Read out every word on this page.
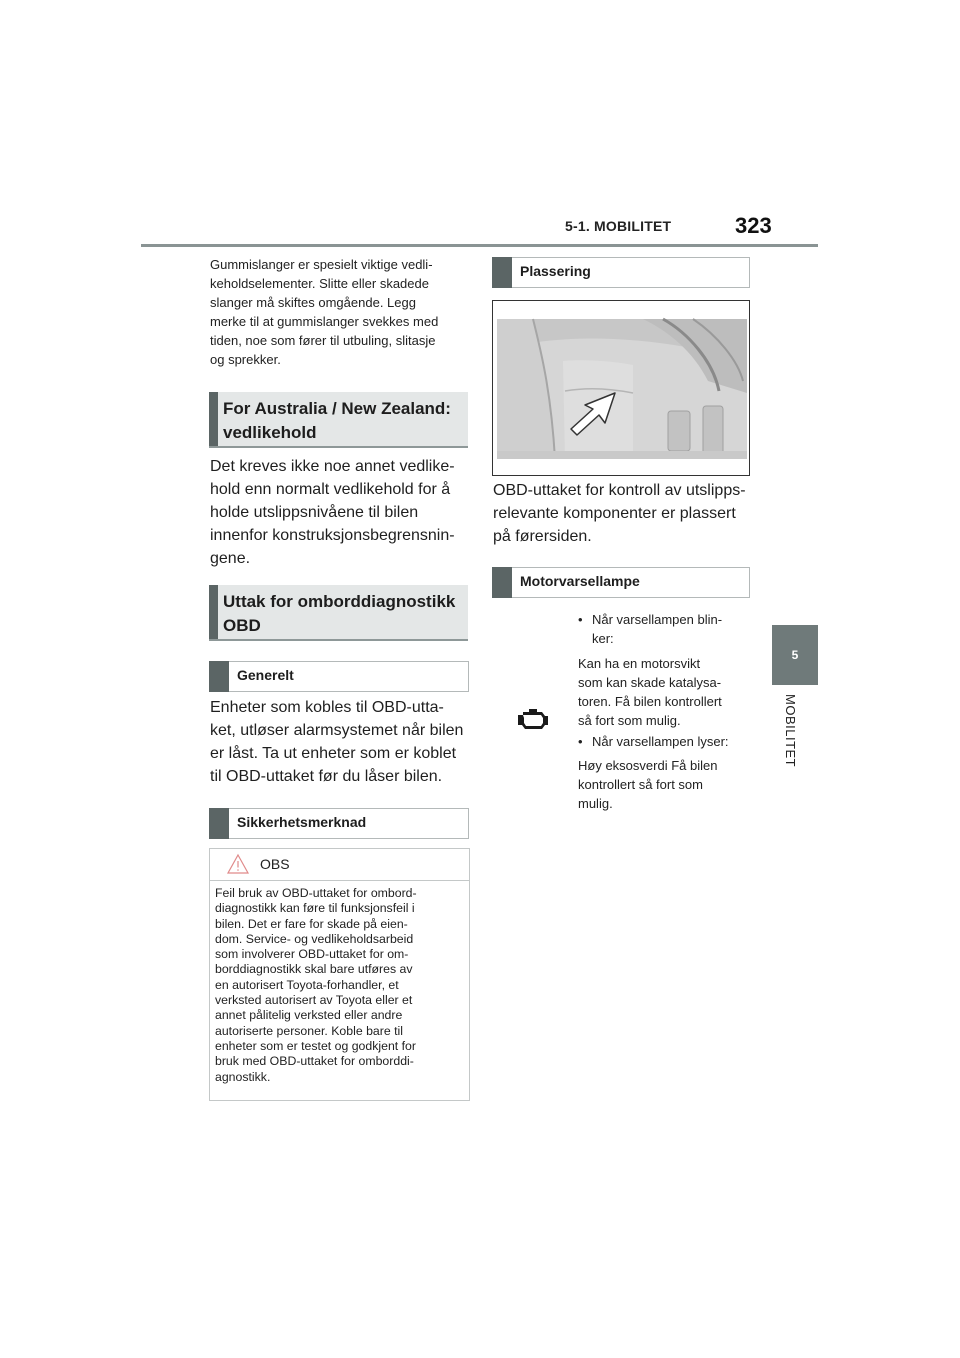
5-1. MOBILITET	323
5
MOBILITET
Gummislanger er spesielt viktige vedli-
keholdselementer. Slitte eller skadede
slanger må skiftes omgående. Legg
merke til at gummislanger svekkes med
tiden, noe som fører til utbuling, slitasje
og sprekker.
For Australia / New Zealand:
vedlikehold
Det kreves ikke noe annet vedlike-
hold enn normalt vedlikehold for å
holde utslippsnivåene til bilen
innenfor konstruksjonsbegrensnin-
gene.
Uttak for omborddiagnostikk
OBD
Generelt
Enheter som kobles til OBD-utta-
ket, utløser alarmsystemet når bilen
er låst. Ta ut enheter som er koblet
til OBD-uttaket før du låser bilen.
Sikkerhetsmerknad
OBS
Feil bruk av OBD-uttaket for ombord-
diagnostikk kan føre til funksjonsfeil i
bilen. Det er fare for skade på eien-
dom. Service- og vedlikeholdsarbeid
som involverer OBD-uttaket for om-
borddiagnostikk skal bare utføres av
en autorisert Toyota-forhandler, et
verksted autorisert av Toyota eller et
annet pålitelig verksted eller andre
autoriserte personer. Koble bare til
enheter som er testet og godkjent for
bruk med OBD-uttaket for omborddi-
agnostikk.
Plassering
OBD-uttaket for kontroll av utslipps-
relevante komponenter er plassert
på førersiden.
Motorvarsellampe
• Når varsellampen blin-
ker:
Kan ha en motorsvikt
som kan skade katalysa-
toren. Få bilen kontrollert
så fort som mulig.
• Når varsellampen lyser:
Høy eksosverdi Få bilen
kontrollert så fort som
mulig.
